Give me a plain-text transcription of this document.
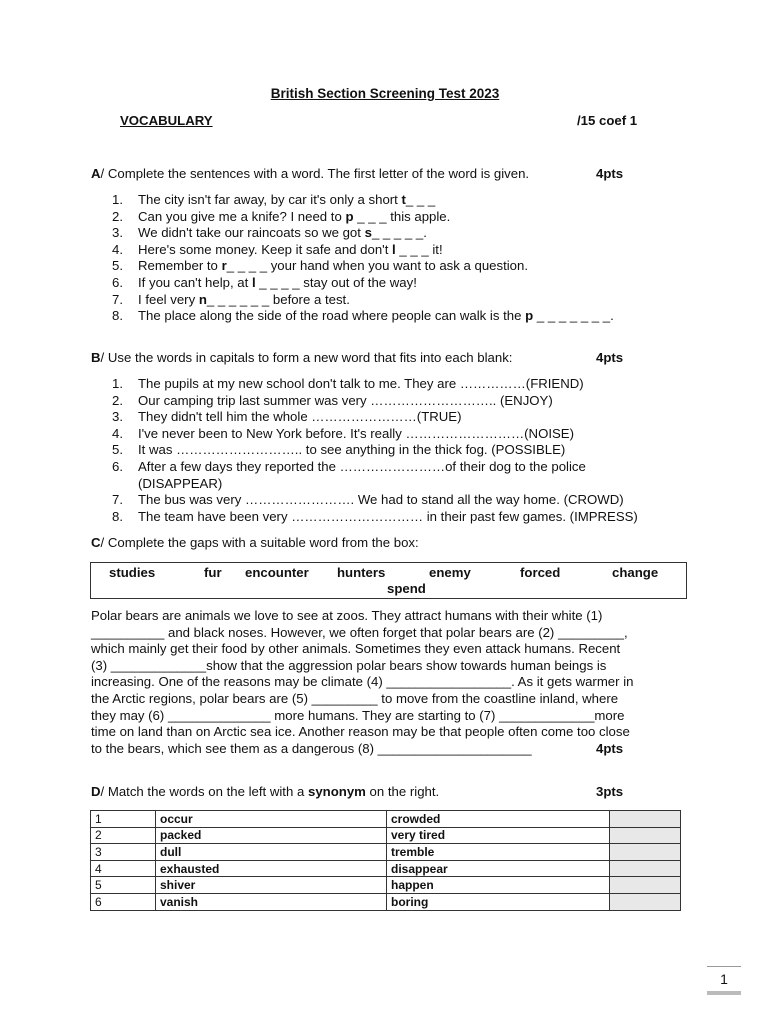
British Section Screening Test 2023
VOCABULARY	/15 coef 1
A/ Complete the sentences with a word. The first letter of the word is given.	4pts
1. The city isn't far away, by car it's only a short t_ _ _
2. Can you give me a knife? I need to p _ _ _ this apple.
3. We didn't take our raincoats so we got s_ _ _ _ _.
4. Here's some money. Keep it safe and don't l _ _ _ it!
5. Remember to r_ _ _ _ your hand when you want to ask a question.
6. If you can't help, at l _ _ _ _ stay out of the way!
7. I feel very n_ _ _ _ _ _ before a test.
8. The place along the side of the road where people can walk is the p _ _ _ _ _ _ _.
B/ Use the words in capitals to form a new word that fits into each blank:	4pts
1. The pupils at my new school don't talk to me. They are ……………(FRIEND)
2. Our camping trip last summer was very ……………………….. (ENJOY)
3. They didn't tell him the whole ……………………(TRUE)
4. I've never been to New York before. It's really ………………………(NOISE)
5. It was ……………………….. to see anything in the thick fog. (POSSIBLE)
6. After a few days they reported the ……………………of their dog to the police (DISAPPEAR)
7. The bus was very ……………………. We had to stand all the way home. (CROWD)
8. The team have been very ………………………… in their past few games. (IMPRESS)
C/ Complete the gaps with a suitable word from the box:
studies	fur encounter hunters	enemy	forced	change
spend
Polar bears are animals we love to see at zoos. They attract humans with their white (1)
__________ and black noses. However, we often forget that polar bears are (2) _________,
which mainly get their food by other animals. Sometimes they even attack humans. Recent
(3) _____________show that the aggression polar bears show towards human beings is
increasing. One of the reasons may be climate (4) _________________. As it gets warmer in
the Arctic regions, polar bears are (5) _________ to move from the coastline inland, where
they may (6) ______________ more humans. They are starting to (7) _____________more
time on land than on Arctic sea ice. Another reason may be that people often come too close
to the bears, which see them as a dangerous (8) _____________________	4pts
D/ Match the words on the left with a synonym on the right.	3pts
1	occur	crowded	
2	packed	very tired	
3	dull	tremble	
4	exhausted	disappear	
5	shiver	happen	
6	vanish	boring	
1
